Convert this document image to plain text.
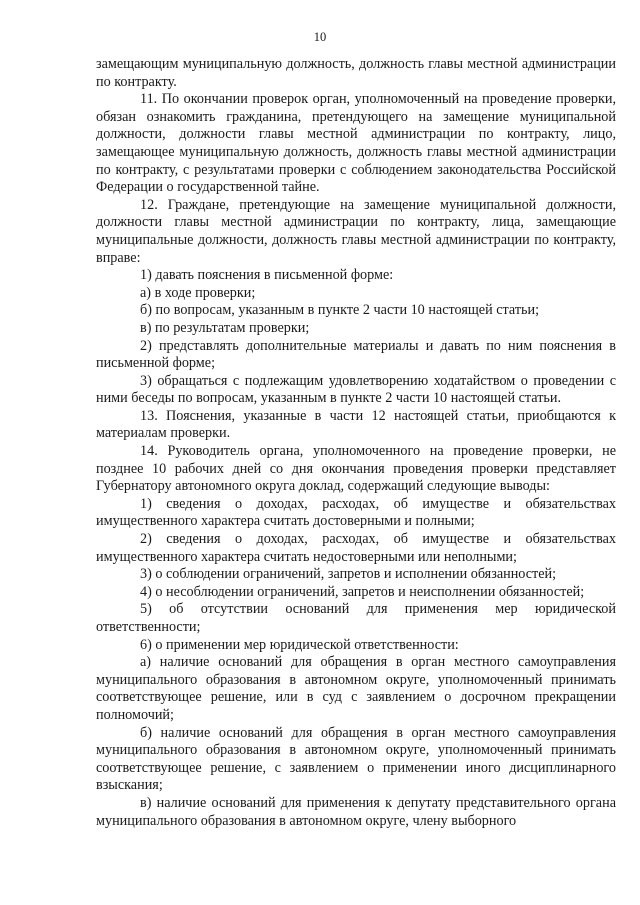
10

замещающим муниципальную должность, должность главы местной администрации по контракту.

11. По окончании проверок орган, уполномоченный на проведение проверки, обязан ознакомить гражданина, претендующего на замещение муниципальной должности, должности главы местной администрации по контракту, лицо, замещающее муниципальную должность, должность главы местной администрации по контракту, с результатами проверки с соблюдением законодательства Российской Федерации о государственной тайне.

12. Граждане, претендующие на замещение муниципальной должности, должности главы местной администрации по контракту, лица, замещающие муниципальные должности, должность главы местной администрации по контракту, вправе:

1) давать пояснения в письменной форме:

а) в ходе проверки;

б) по вопросам, указанным в пункте 2 части 10 настоящей статьи;

в) по результатам проверки;

2) представлять дополнительные материалы и давать по ним пояснения в письменной форме;

3) обращаться с подлежащим удовлетворению ходатайством о проведении с ними беседы по вопросам, указанным в пункте 2 части 10 настоящей статьи.

13. Пояснения, указанные в части 12 настоящей статьи, приобщаются к материалам проверки.

14. Руководитель органа, уполномоченного на проведение проверки, не позднее 10 рабочих дней со дня окончания проведения проверки представляет Губернатору автономного округа доклад, содержащий следующие выводы:

1) сведения о доходах, расходах, об имуществе и обязательствах имущественного характера считать достоверными и полными;

2) сведения о доходах, расходах, об имуществе и обязательствах имущественного характера считать недостоверными или неполными;

3) о соблюдении ограничений, запретов и исполнении обязанностей;

4) о несоблюдении ограничений, запретов и неисполнении обязанностей;

5) об отсутствии оснований для применения мер юридической ответственности;

6) о применении мер юридической ответственности:

а) наличие оснований для обращения в орган местного самоуправления муниципального образования в автономном округе, уполномоченный принимать соответствующее решение, или в суд с заявлением о досрочном прекращении полномочий;

б) наличие оснований для обращения в орган местного самоуправления муниципального образования в автономном округе, уполномоченный принимать соответствующее решение, с заявлением о применении иного дисциплинарного взыскания;

в) наличие оснований для применения к депутату представительного органа муниципального образования в автономном округе, члену выборного
